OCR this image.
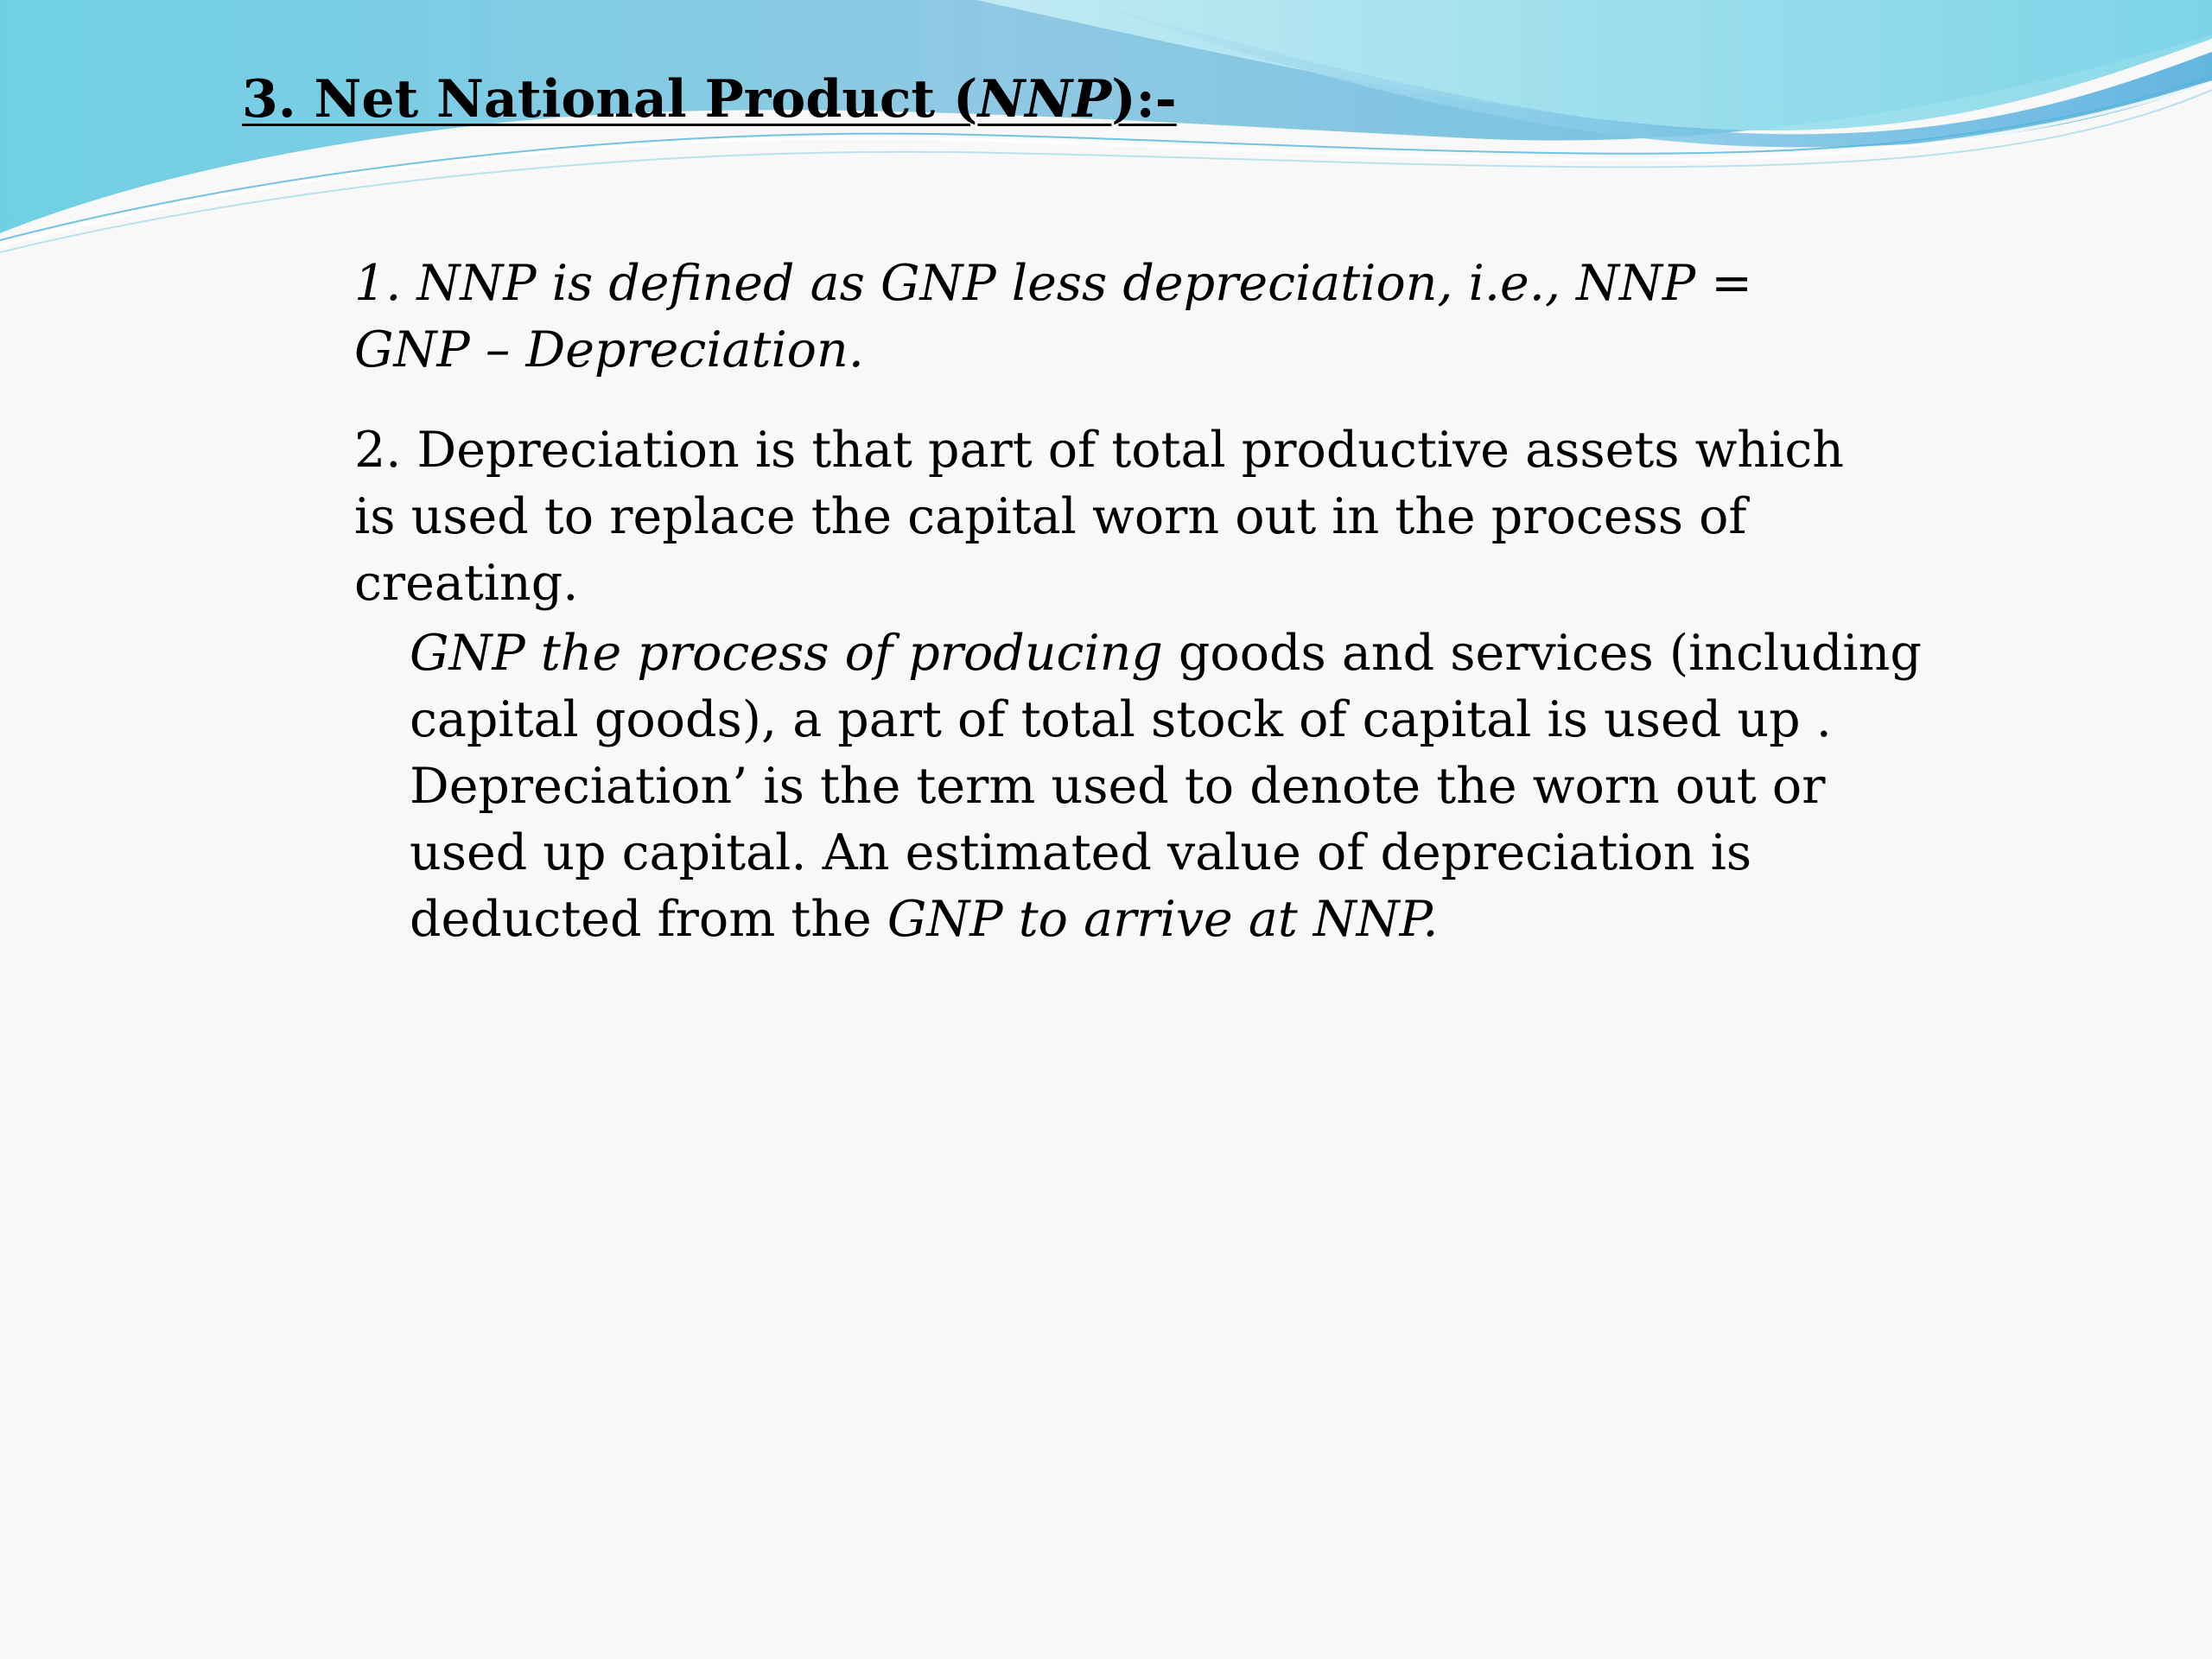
3. Net National Product (NNP):-

1. NNP is defined as GNP less depreciation, i.e., NNP = GNP – Depreciation.

2. Depreciation is that part of total productive assets which is used to replace the capital worn out in the process of creating.

GNP the process of producing goods and services (including capital goods), a part of total stock of capital is used up . Depreciation’ is the term used to denote the worn out or used up capital. An estimated value of depreciation is deducted from the GNP to arrive at NNP.
